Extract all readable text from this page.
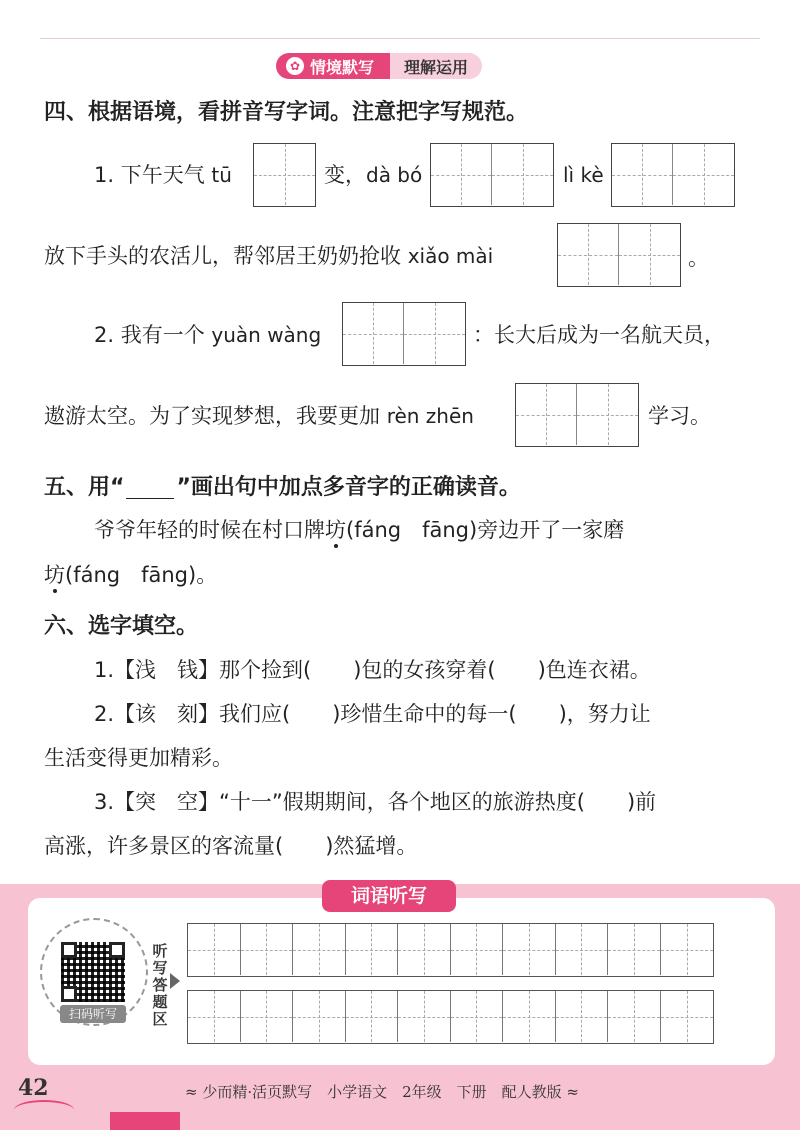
✿ 情境默写	理解运用
四、根据语境，看拼音写字词。注意把字写规范。
1. 下午天气 tū	变，dà bó	lì kè
放下手头的农活儿，帮邻居王奶奶抢收 xiǎo mài	。
2. 我有一个 yuàn wàng	：长大后成为一名航天员，
遨游太空。为了实现梦想，我要更加 rèn zhēn	学习。
五、用“ ”画出句中加点多音字的正确读音。
爷爷年轻的时候在村口牌坊(fáng　fāng)旁边开了一家磨
坊(fáng　fāng)。
六、选字填空。
1.【浅　钱】那个捡到(　　)包的女孩穿着(　　)色连衣裙。
2.【该　刻】我们应(　　)珍惜生命中的每一(　　)，努力让
生活变得更加精彩。
3.【突　空】“十一”假期期间，各个地区的旅游热度(　　)前
高涨，许多景区的客流量(　　)然猛增。
词语听写
扫码听写
听写答题区
42	≈ 少而精·活页默写　小学语文　2年级　下册　配人教版 ≈
